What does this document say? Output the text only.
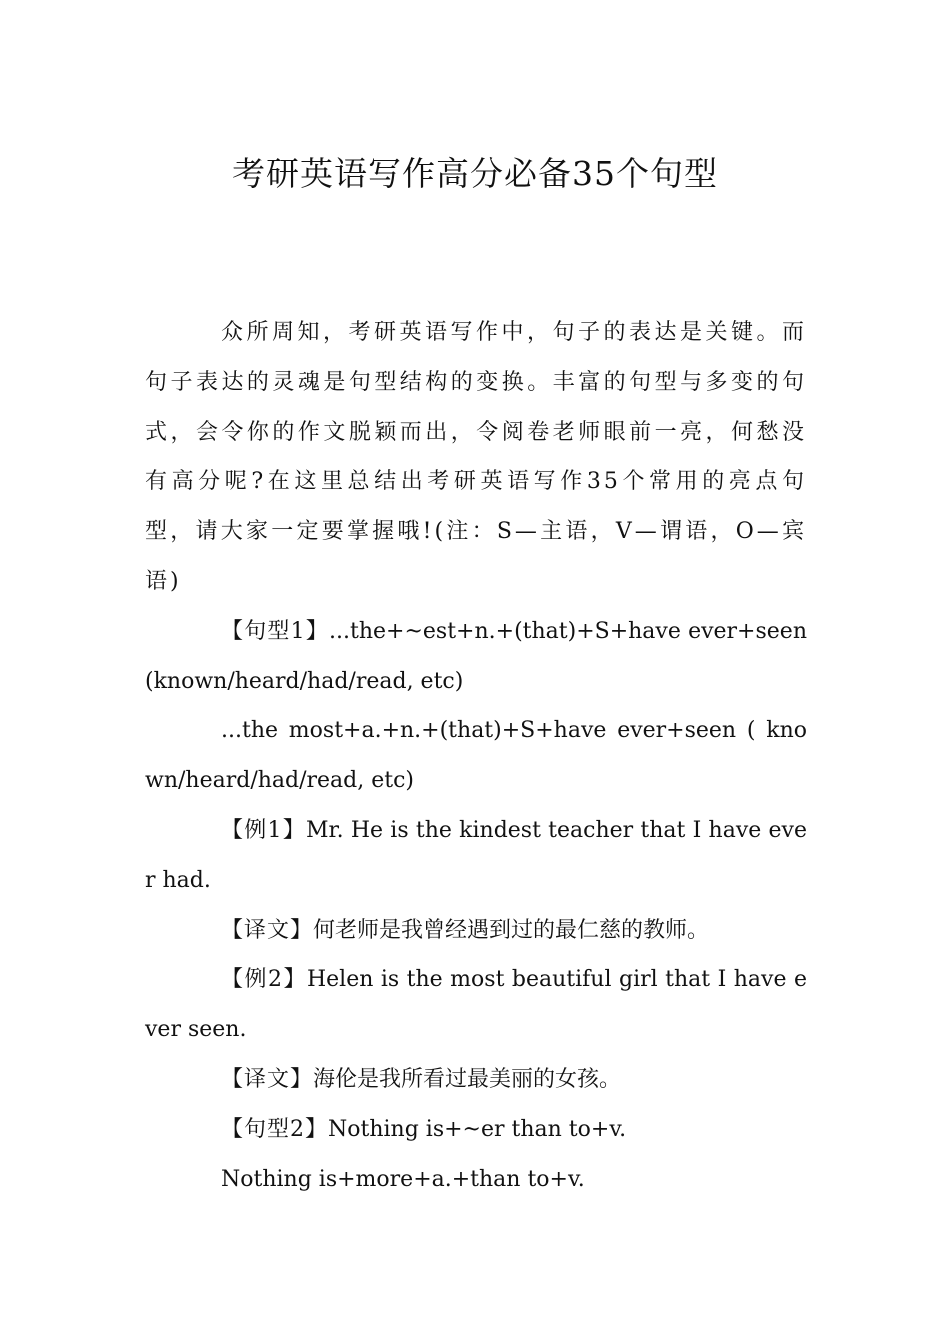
考研英语写作高分必备35个句型

众所周知，考研英语写作中，句子的表达是关键。而句子表达的灵魂是句型结构的变换。丰富的句型与多变的句式，会令你的作文脱颖而出，令阅卷老师眼前一亮，何愁没有高分呢?在这里总结出考研英语写作35个常用的亮点句型，请大家一定要掌握哦!(注：S—主语，V—谓语，O—宾语)

【句型1】...the+~est+n.+(that)+S+have ever+seen (known/heard/had/read, etc)

...the most+a.+n.+(that)+S+have ever+seen ( known/heard/had/read, etc)

【例1】Mr. He is the kindest teacher that I have ever had.

【译文】何老师是我曾经遇到过的最仁慈的教师。

【例2】Helen is the most beautiful girl that I have ever seen.

【译文】海伦是我所看过最美丽的女孩。

【句型2】Nothing is+~er than to+v.

Nothing is+more+a.+than to+v.
